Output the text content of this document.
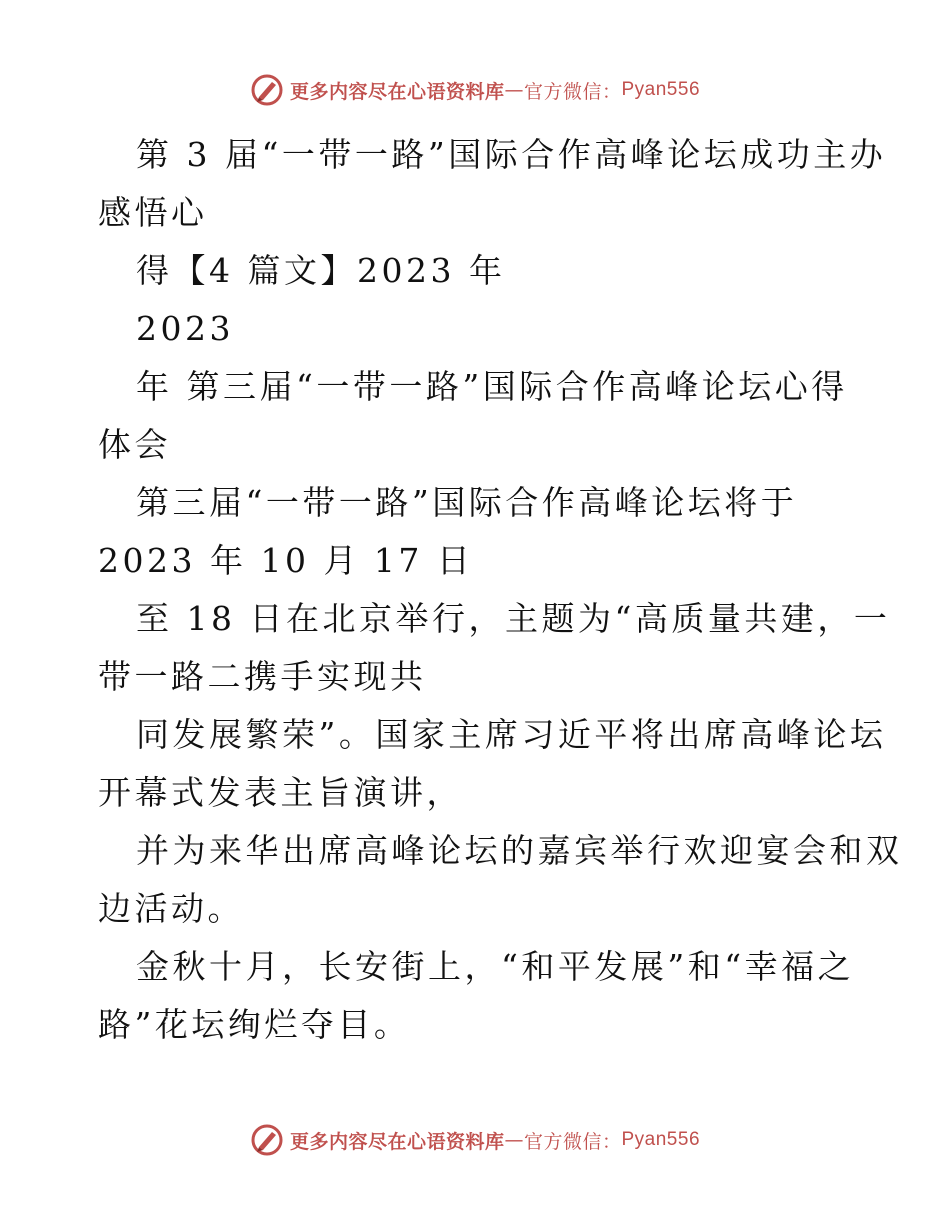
更多内容尽在心语资料库 — 官方微信： Pyan556
第 3 届“一带一路”国际合作高峰论坛成功主办
感悟心
得【4 篇文】2023 年
2023
年 第三届“一带一路”国际合作高峰论坛心得
体会
第三届“一带一路”国际合作高峰论坛将于
2023 年 10 月 17 日
至 18 日在北京举行，主题为“高质量共建，一
带一路二携手实现共
同发展繁荣”。国家主席习近平将出席高峰论坛
开幕式发表主旨演讲，
并为来华出席高峰论坛的嘉宾举行欢迎宴会和双
边活动。
金秋十月，长安街上，“和平发展”和“幸福之
路”花坛绚烂夺目。
更多内容尽在心语资料库 — 官方微信： Pyan556
